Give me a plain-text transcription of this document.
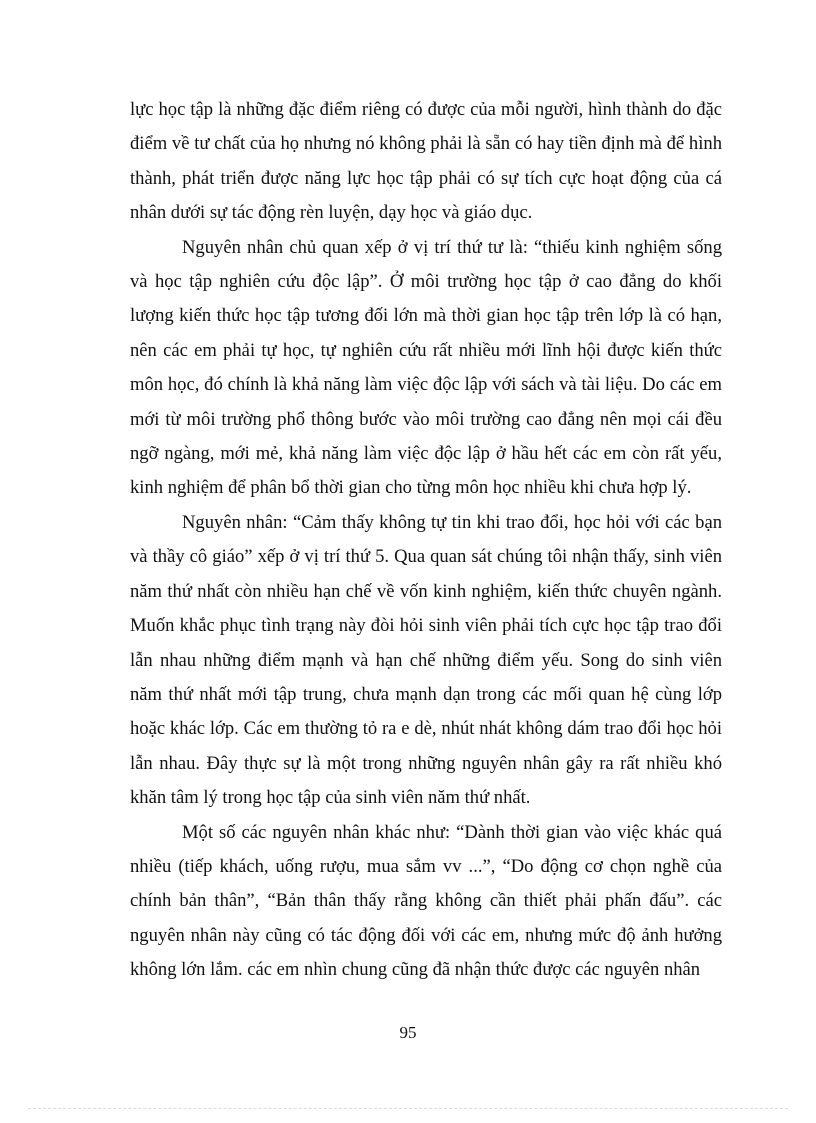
lực học tập là những đặc điểm riêng có được của mỗi người, hình thành do đặc điểm về tư chất của họ nhưng nó không phải là sẵn có hay tiền định mà để hình thành, phát triển được năng lực học tập phải có sự tích cực hoạt động của cá nhân dưới sự tác động rèn luyện, dạy học và giáo dục.

Nguyên nhân chủ quan xếp ở vị trí thứ tư là: “thiếu kinh nghiệm sống và học tập nghiên cứu độc lập”. Ở môi trường học tập ở cao đẳng do khối lượng kiến thức học tập tương đối lớn mà thời gian học tập trên lớp là có hạn, nên các em phải tự học, tự nghiên cứu rất nhiều mới lĩnh hội được kiến thức môn học, đó chính là khả năng làm việc độc lập với sách và tài liệu. Do các em mới từ môi trường phổ thông bước vào môi trường cao đẳng nên mọi cái đều ngỡ ngàng, mới mẻ, khả năng làm việc độc lập ở hầu hết các em còn rất yếu, kinh nghiệm để phân bổ thời gian cho từng môn học nhiều khi chưa hợp lý.

Nguyên nhân: “Cảm thấy không tự tin khi trao đổi, học hỏi với các bạn và thầy cô giáo” xếp ở vị trí thứ 5. Qua quan sát chúng tôi nhận thấy, sinh viên năm thứ nhất còn nhiều hạn chế về vốn kinh nghiệm, kiến thức chuyên ngành. Muốn khắc phục tình trạng này đòi hỏi sinh viên phải tích cực học tập trao đổi lẫn nhau những điểm mạnh và hạn chế những điểm yếu. Song do sinh viên năm thứ nhất mới tập trung, chưa mạnh dạn trong các mối quan hệ cùng lớp hoặc khác lớp. Các em thường tỏ ra e dè, nhút nhát không dám trao đổi học hỏi lẫn nhau. Đây thực sự là một trong những nguyên nhân gây ra rất nhiều khó khăn tâm lý trong học tập của sinh viên năm thứ nhất.

Một số các nguyên nhân khác như: “Dành thời gian vào việc khác quá nhiều (tiếp khách, uống rượu, mua sắm vv ...”, “Do động cơ chọn nghề của chính bản thân”, “Bản thân thấy rằng không cần thiết phải phấn đấu”. các nguyên nhân này cũng có tác động đối với các em, nhưng mức độ ảnh hưởng không lớn lắm. các em nhìn chung cũng đã nhận thức được các nguyên nhân

95
